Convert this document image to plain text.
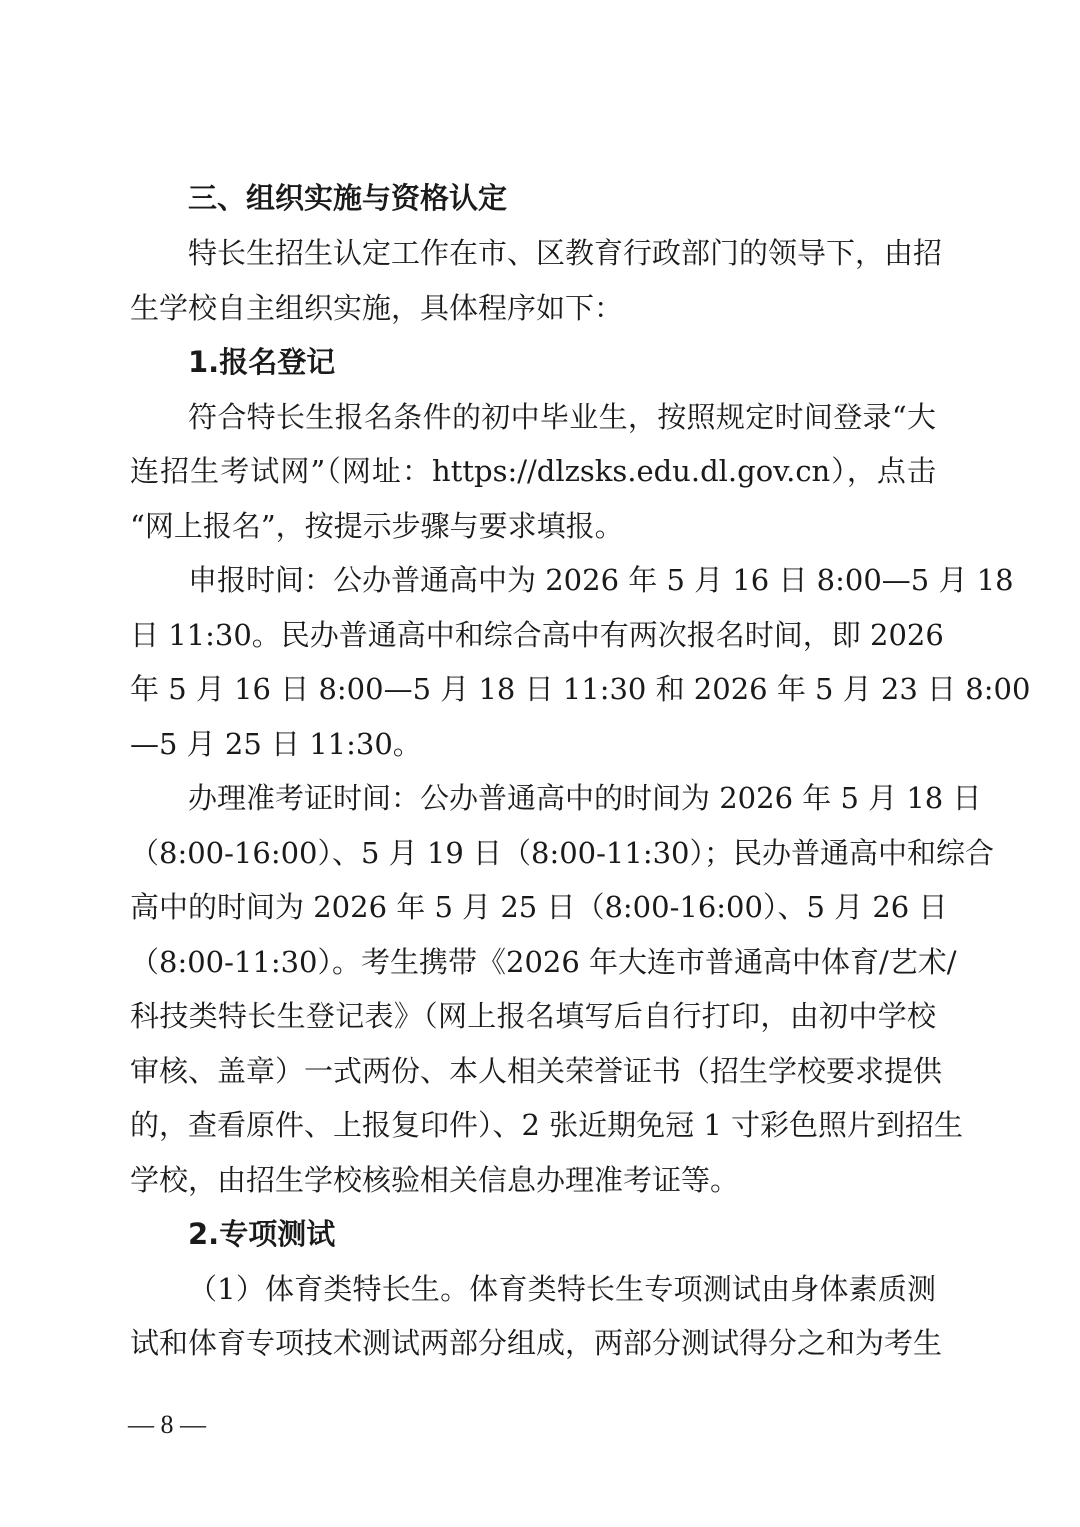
三、组织实施与资格认定
特长生招生认定工作在市、区教育行政部门的领导下，由招
生学校自主组织实施，具体程序如下：
1.报名登记
符合特长生报名条件的初中毕业生，按照规定时间登录“大
连招生考试网”（网址：https://dlzsks.edu.dl.gov.cn），点击
“网上报名”，按提示步骤与要求填报。
申报时间：公办普通高中为 2026 年 5 月 16 日 8:00—5 月 18
日 11:30。民办普通高中和综合高中有两次报名时间，即 2026
年 5 月 16 日 8:00—5 月 18 日 11:30 和 2026 年 5 月 23 日 8:00
—5 月 25 日 11:30。
办理准考证时间：公办普通高中的时间为 2026 年 5 月 18 日
（8:00-16:00）、5 月 19 日（8:00-11:30）；民办普通高中和综合
高中的时间为 2026 年 5 月 25 日（8:00-16:00）、5 月 26 日
（8:00-11:30）。考生携带《2026 年大连市普通高中体育/艺术/
科技类特长生登记表》（网上报名填写后自行打印，由初中学校
审核、盖章）一式两份、本人相关荣誉证书（招生学校要求提供
的，查看原件、上报复印件）、2 张近期免冠 1 寸彩色照片到招生
学校，由招生学校核验相关信息办理准考证等。
2.专项测试
（1）体育类特长生。体育类特长生专项测试由身体素质测
试和体育专项技术测试两部分组成，两部分测试得分之和为考生
— 8 —
